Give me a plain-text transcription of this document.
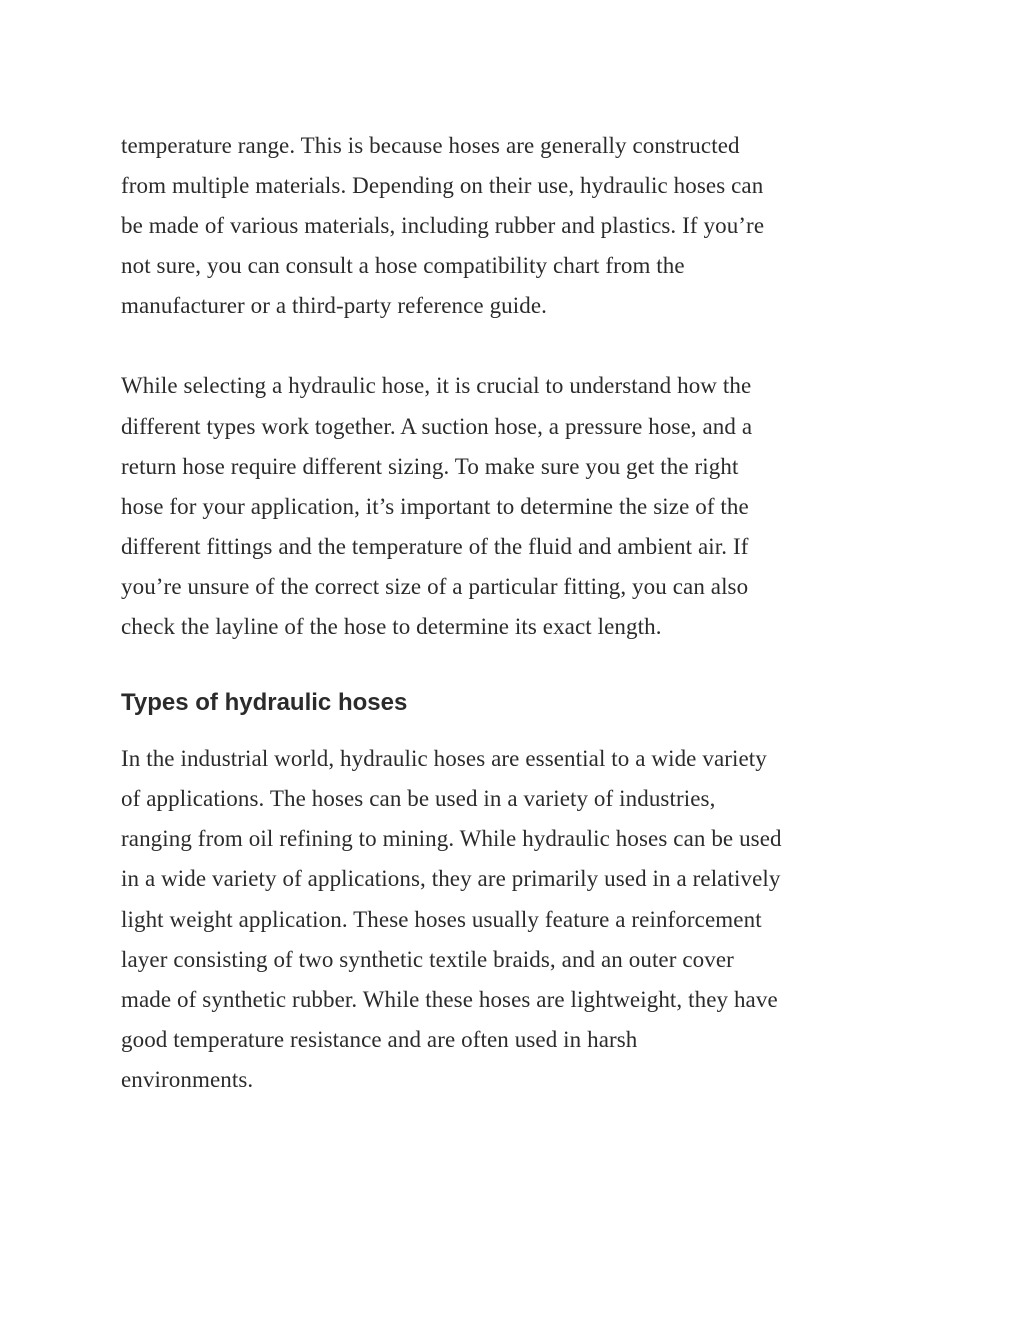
temperature range. This is because hoses are generally constructed
from multiple materials. Depending on their use, hydraulic hoses can
be made of various materials, including rubber and plastics. If you’re
not sure, you can consult a hose compatibility chart from the
manufacturer or a third-party reference guide.

While selecting a hydraulic hose, it is crucial to understand how the
different types work together. A suction hose, a pressure hose, and a
return hose require different sizing. To make sure you get the right
hose for your application, it’s important to determine the size of the
different fittings and the temperature of the fluid and ambient air. If
you’re unsure of the correct size of a particular fitting, you can also
check the layline of the hose to determine its exact length.

Types of hydraulic hoses

In the industrial world, hydraulic hoses are essential to a wide variety
of applications. The hoses can be used in a variety of industries,
ranging from oil refining to mining. While hydraulic hoses can be used
in a wide variety of applications, they are primarily used in a relatively
light weight application. These hoses usually feature a reinforcement
layer consisting of two synthetic textile braids, and an outer cover
made of synthetic rubber. While these hoses are lightweight, they have
good temperature resistance and are often used in harsh
environments.
